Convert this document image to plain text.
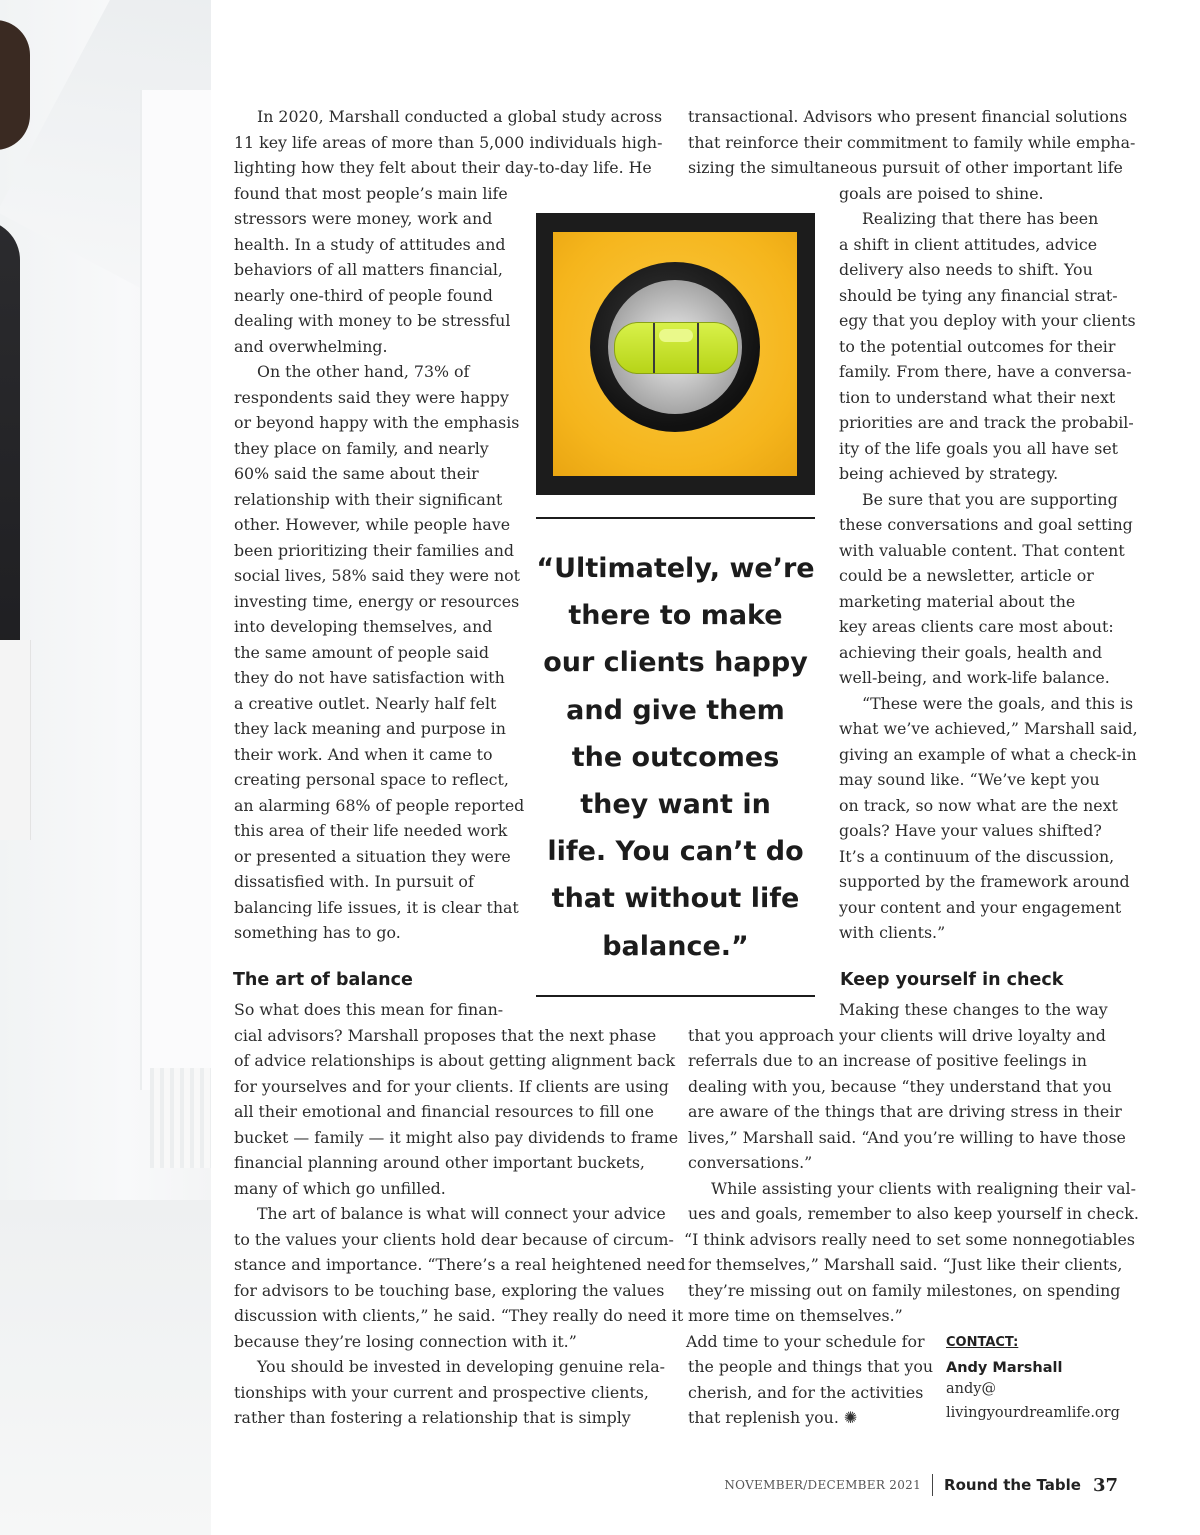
In 2020, Marshall conducted a global study across

11 key life areas of more than 5,000 individuals high-

lighting how they felt about their day-to-day life. He

found that most people’s main life

stressors were money, work and

health. In a study of attitudes and

behaviors of all matters financial,

nearly one-third of people found

dealing with money to be stressful

and overwhelming.

On the other hand, 73% of

respondents said they were happy

or beyond happy with the emphasis

they place on family, and nearly

60% said the same about their

relationship with their significant

other. However, while people have

been prioritizing their families and

social lives, 58% said they were not

investing time, energy or resources

into developing themselves, and

the same amount of people said

they do not have satisfaction with

a creative outlet. Nearly half felt

they lack meaning and purpose in

their work. And when it came to

creating personal space to reflect,

an alarming 68% of people reported

this area of their life needed work

or presented a situation they were

dissatisfied with. In pursuit of

balancing life issues, it is clear that

something has to go.

The art of balance

So what does this mean for finan-

cial advisors? Marshall proposes that the next phase

of advice relationships is about getting alignment back

for yourselves and for your clients. If clients are using

all their emotional and financial resources to fill one

bucket — family — it might also pay dividends to frame

financial planning around other important buckets,

many of which go unfilled.

The art of balance is what will connect your advice

to the values your clients hold dear because of circum-

stance and importance. “There’s a real heightened need

for advisors to be touching base, exploring the values

discussion with clients,” he said. “They really do need it

because they’re losing connection with it.”

You should be invested in developing genuine rela-

tionships with your current and prospective clients,

rather than fostering a relationship that is simply

transactional. Advisors who present financial solutions

that reinforce their commitment to family while empha-

sizing the simultaneous pursuit of other important life

goals are poised to shine.

Realizing that there has been

a shift in client attitudes, advice

delivery also needs to shift. You

should be tying any financial strat-

egy that you deploy with your clients

to the potential outcomes for their

family. From there, have a conversa-

tion to understand what their next

priorities are and track the probabil-

ity of the life goals you all have set

being achieved by strategy.

Be sure that you are supporting

these conversations and goal setting

with valuable content. That content

could be a newsletter, article or

marketing material about the

key areas clients care most about:

achieving their goals, health and

well-being, and work-life balance.

“These were the goals, and this is

what we’ve achieved,” Marshall said,

giving an example of what a check-in

may sound like. “We’ve kept you

on track, so now what are the next

goals? Have your values shifted?

It’s a continuum of the discussion,

supported by the framework around

your content and your engagement

with clients.”

Keep yourself in check

Making these changes to the way

that you approach your clients will drive loyalty and

referrals due to an increase of positive feelings in

dealing with you, because “they understand that you

are aware of the things that are driving stress in their

lives,” Marshall said. “And you’re willing to have those

conversations.”

While assisting your clients with realigning their val-

ues and goals, remember to also keep yourself in check.

“I think advisors really need to set some nonnegotiables

for themselves,” Marshall said. “Just like their clients,

they’re missing out on family milestones, on spending

more time on themselves.”

Add time to your schedule for

the people and things that you

cherish, and for the activities

that replenish you. ✺

“Ultimately, we’re
there to make
our clients happy
and give them
the outcomes
they want in
life. You can’t do
that without life
balance.”
CONTACT:
Andy Marshall
andy@
livingyourdreamlife.org
NOVEMBER/DECEMBER 2021 Round the Table 37
